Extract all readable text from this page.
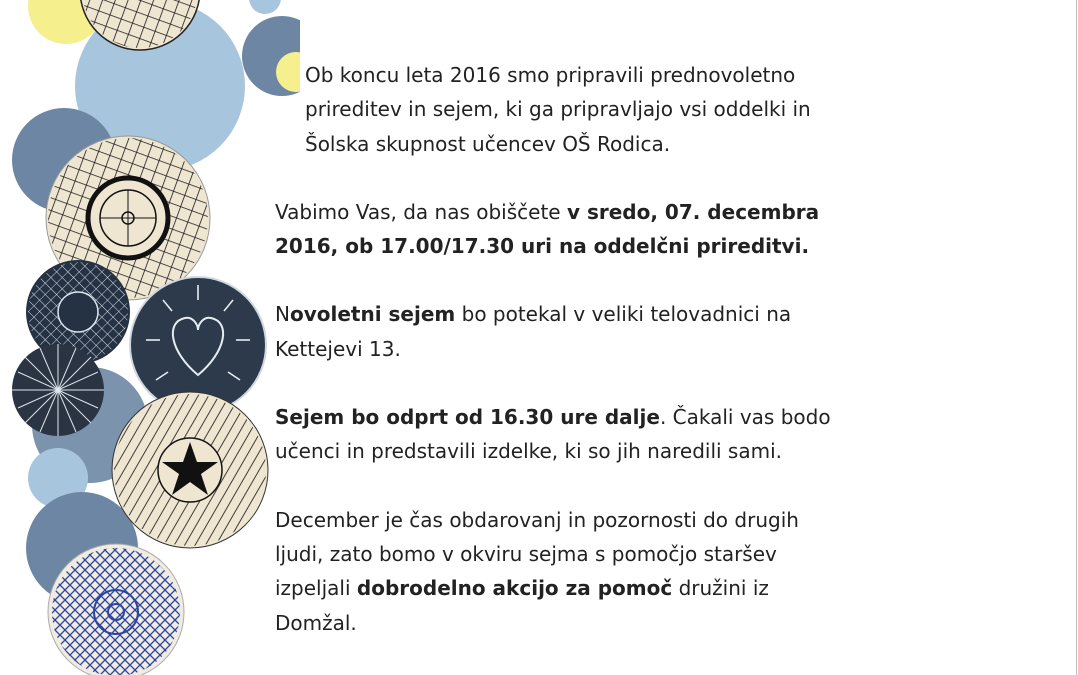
Ob koncu leta 2016 smo pripravili prednovoletno
prireditev in sejem, ki ga pripravljajo vsi oddelki in
Šolska skupnost učencev OŠ Rodica.
Vabimo Vas, da nas obiščete v sredo, 07. decembra
2016, ob 17.00/17.30 uri na oddelčni prireditvi.
Novoletni sejem bo potekal v veliki telovadnici na
Kettejevi 13.
Sejem bo odprt od 16.30 ure dalje. Čakali vas bodo
učenci in predstavili izdelke, ki so jih naredili sami.
December je čas obdarovanj in pozornosti do drugih
ljudi, zato bomo v okviru sejma s pomočjo staršev
izpeljali dobrodelno akcijo za pomoč družini iz
Domžal.
